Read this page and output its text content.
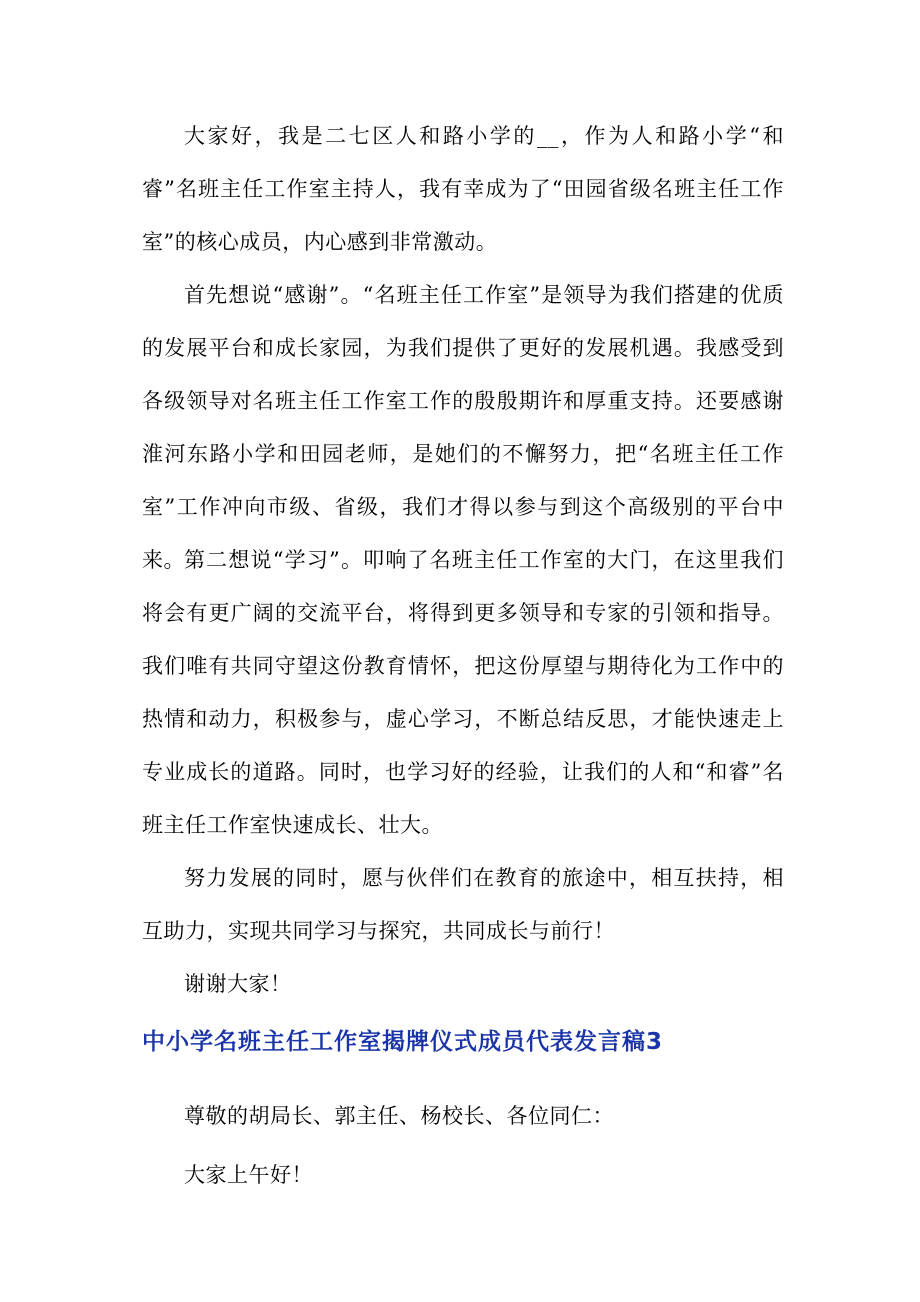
大家好，我是二七区人和路小学的__，作为人和路小学“和睿”名班主任工作室主持人，我有幸成为了“田园省级名班主任工作室”的核心成员，内心感到非常激动。

首先想说“感谢”。“名班主任工作室”是领导为我们搭建的优质的发展平台和成长家园，为我们提供了更好的发展机遇。我感受到各级领导对名班主任工作室工作的殷殷期许和厚重支持。还要感谢淮河东路小学和田园老师，是她们的不懈努力，把“名班主任工作室”工作冲向市级、省级，我们才得以参与到这个高级别的平台中来。 第二想说“学习”。叩响了名班主任工作室的大门，在这里我们将会有更广阔的交流平台，将得到更多领导和专家的引领和指导。我们唯有共同守望这份教育情怀，把这份厚望与期待化为工作中的热情和动力，积极参与，虚心学习，不断总结反思，才能快速走上专业成长的道路。同时，也学习好的经验，让我们的人和“和睿”名班主任工作室快速成长、壮大。

努力发展的同时，愿与伙伴们在教育的旅途中，相互扶持，相互助力，实现共同学习与探究，共同成长与前行！

谢谢大家！

中小学名班主任工作室揭牌仪式成员代表发言稿3

尊敬的胡局长、郭主任、杨校长、各位同仁：

大家上午好！
